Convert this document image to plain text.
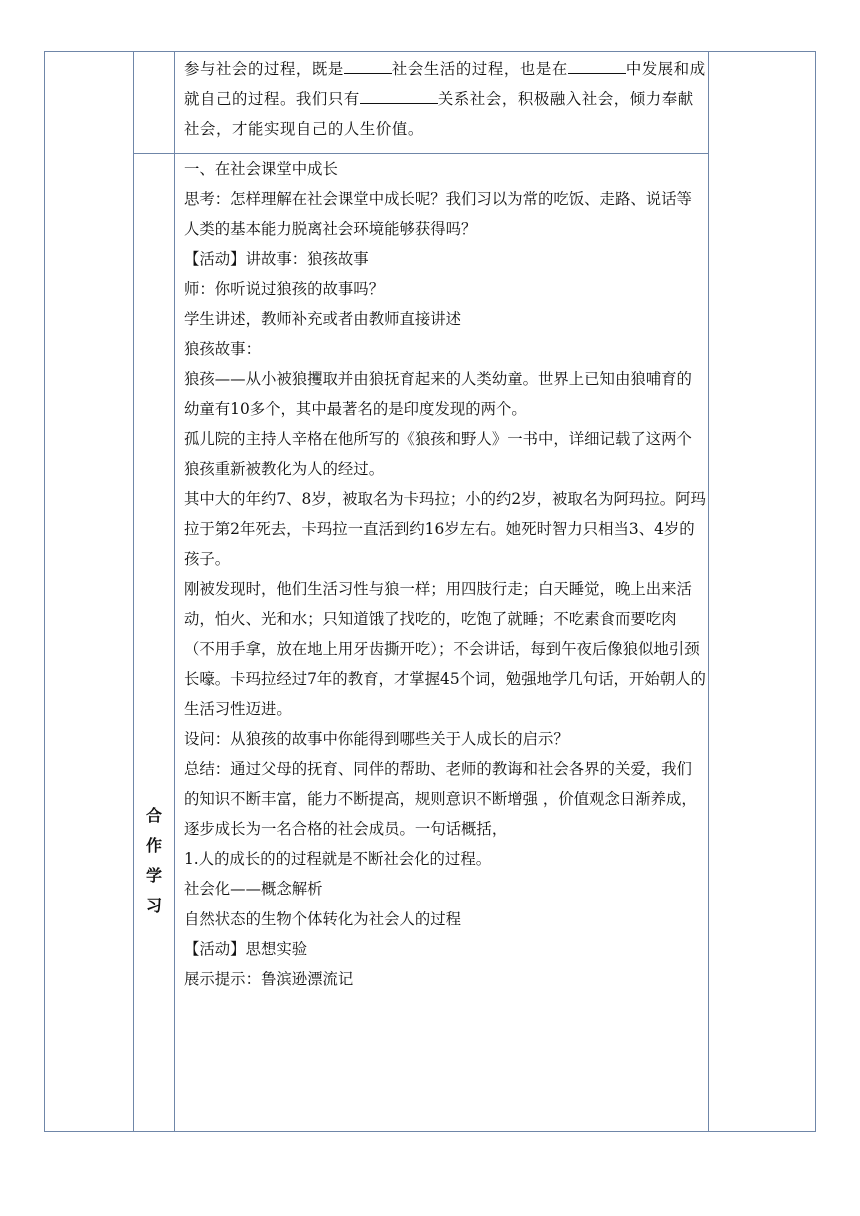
参与社会的过程，既是	社会生活的过程，也是在	中发展和成就自己的过程。我们只有	关系社会，积极融入社会，倾力奉献社会，才能实现自己的人生价值。
合
作
学
习
一、在社会课堂中成长
思考：怎样理解在社会课堂中成长呢？我们习以为常的吃饭、走路、说话等人类的基本能力脱离社会环境能够获得吗？
【活动】讲故事：狼孩故事
师：你听说过狼孩的故事吗？
学生讲述，教师补充或者由教师直接讲述
狼孩故事：
狼孩——从小被狼攫取并由狼抚育起来的人类幼童。世界上已知由狼哺育的幼童有10多个，其中最著名的是印度发现的两个。
孤儿院的主持人辛格在他所写的《狼孩和野人》一书中，详细记载了这两个狼孩重新被教化为人的经过。
其中大的年约7、8岁，被取名为卡玛拉；小的约2岁，被取名为阿玛拉。阿玛拉于第2年死去，卡玛拉一直活到约16岁左右。她死时智力只相当3、4岁的孩子。
刚被发现时，他们生活习性与狼一样；用四肢行走；白天睡觉，晚上出来活动，怕火、光和水；只知道饿了找吃的，吃饱了就睡；不吃素食而要吃肉（不用手拿，放在地上用牙齿撕开吃）；不会讲话，每到午夜后像狼似地引颈长嚎。卡玛拉经过7年的教育，才掌握45个词，勉强地学几句话，开始朝人的生活习性迈进。
设问：从狼孩的故事中你能得到哪些关于人成长的启示？
总结：通过父母的抚育、同伴的帮助、老师的教诲和社会各界的关爱，我们的知识不断丰富，能力不断提高，规则意识不断增强 ，价值观念日渐养成，逐步成长为一名合格的社会成员。一句话概括，
1.人的成长的的过程就是不断社会化的过程。
社会化——概念解析
自然状态的生物个体转化为社会人的过程
【活动】思想实验
展示提示：鲁滨逊漂流记
